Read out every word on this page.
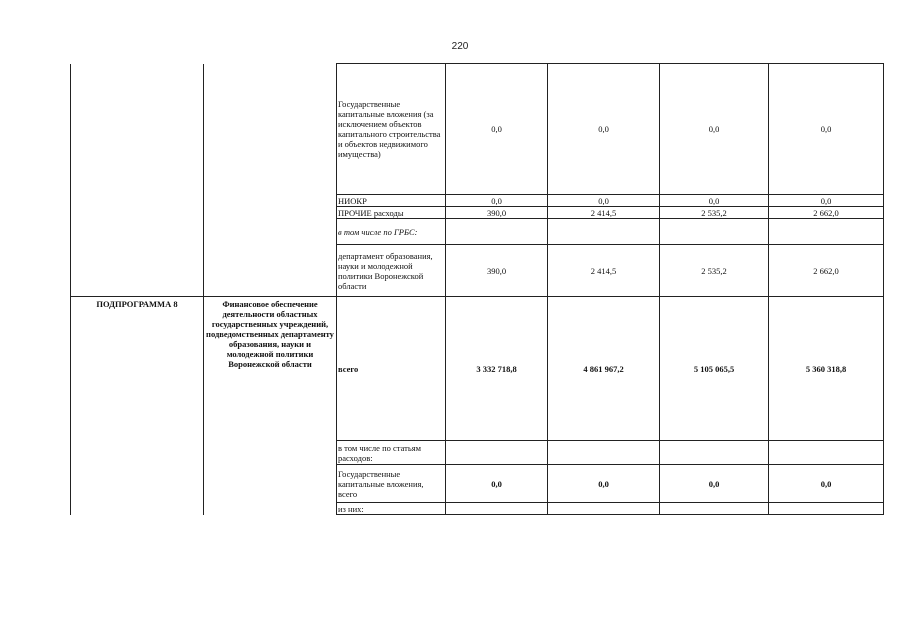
220
		Государственные капитальные вложения (за исключением объектов капитального строительства и объектов недвижимого имущества)	0,0	0,0	0,0	0,0
		НИОКР	0,0	0,0	0,0	0,0
		ПРОЧИЕ расходы	390,0	2 414,5	2 535,2	2 662,0
		в том числе по ГРБС:				
		департамент образования, науки и молодежной политики Воронежской области	390,0	2 414,5	2 535,2	2 662,0
ПОДПРОГРАММА 8	Финансовое обеспечение деятельности областных государственных учреждений, подведомственных департаменту образования, науки и молодежной политики Воронежской области	всего	3 332 718,8	4 861 967,2	5 105 065,5	5 360 318,8
		в том числе по статьям расходов:				
		Государственные капитальные вложения, всего	0,0	0,0	0,0	0,0
		из них:				
